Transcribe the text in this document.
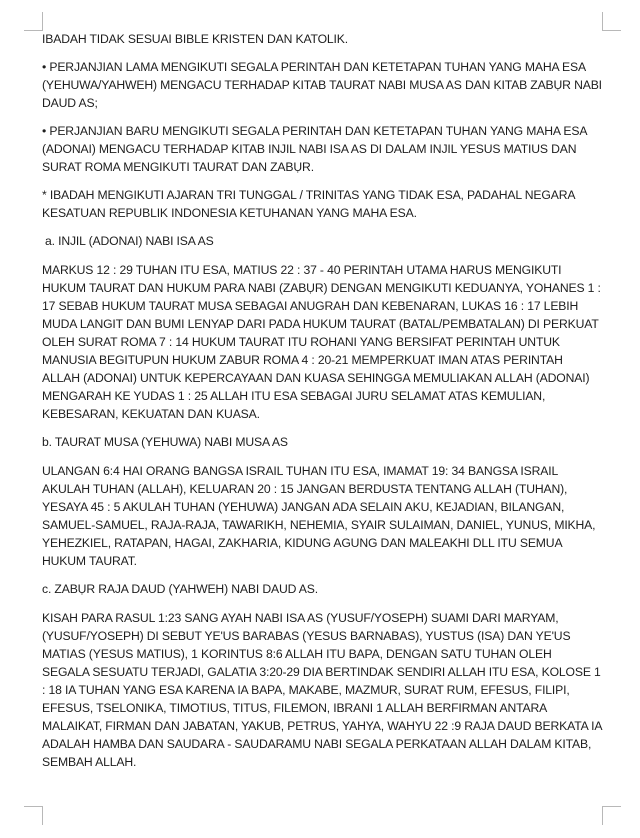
IBADAH TIDAK SESUAI BIBLE KRISTEN DAN KATOLIK.

• PERJANJIAN LAMA MENGIKUTI SEGALA PERINTAH DAN KETETAPAN TUHAN YANG MAHA ESA (YEHUWA/YAHWEH) MENGACU TERHADAP KITAB TAURAT NABI MUSA AS DAN KITAB ZABỤR NABI DAUD AS;

• PERJANJIAN BARU MENGIKUTI SEGALA PERINTAH DAN KETETAPAN TUHAN YANG MAHA ESA (ADONAI) MENGACU TERHADAP KITAB INJIL NABI ISA AS DI DALAM INJIL YESUS MATIUS DAN SURAT ROMA MENGIKUTI TAURAT DAN ZABỤR.

* IBADAH MENGIKUTI AJARAN TRI TUNGGAL / TRINITAS YANG TIDAK ESA, PADAHAL NEGARA KESATUAN REPUBLIK INDONESIA KETUHANAN YANG MAHA ESA.

a. INJIL (ADONAI) NABI ISA AS

MARKUS 12 : 29 TUHAN ITU ESA, MATIUS 22 : 37 - 40 PERINTAH UTAMA HARUS MENGIKUTI HUKUM TAURAT DAN HUKUM PARA NABI (ZABỤR) DENGAN MENGIKUTI KEDUANYA, YOHANES 1 : 17 SEBAB HUKUM TAURAT MUSA SEBAGAI ANUGRAH DAN KEBENARAN, LUKAS 16 : 17 LEBIH MUDA LANGIT DAN BUMI LENYAP DARI PADA HUKUM TAURAT (BATAL/PEMBATALAN) DI PERKUAT OLEH SURAT ROMA 7 : 14 HUKUM TAURAT ITU ROHANI YANG BERSIFAT PERINTAH UNTUK MANUSIA BEGITUPUN HUKUM ZABUR ROMA 4 : 20-21 MEMPERKUAT IMAN ATAS PERINTAH ALLAH (ADONAI) UNTUK KEPERCAYAAN DAN KUASA SEHINGGA MEMULIAKAN ALLAH (ADONAI) MENGARAH KE YUDAS 1 : 25 ALLAH ITU ESA SEBAGAI JURU SELAMAT ATAS KEMULIAN, KEBESARAN, KEKUATAN DAN KUASA.

b. TAURAT MUSA (YEHUWA) NABI MUSA AS

ULANGAN 6:4 HAI ORANG BANGSA ISRAIL TUHAN ITU ESA, IMAMAT 19: 34 BANGSA ISRAIL AKULAH TUHAN (ALLAH), KELUARAN 20 : 15 JANGAN BERDUSTA TENTANG ALLAH (TUHAN), YESAYA 45 : 5 AKULAH TUHAN (YEHUWA) JANGAN ADA SELAIN AKU, KEJADIAN, BILANGAN, SAMUEL-SAMUEL, RAJA-RAJA, TAWARIKH, NEHEMIA, SYAIR SULAIMAN, DANIEL, YUNUS, MIKHA, YEHEZKIEL, RATAPAN, HAGAI, ZAKHARIA, KIDUNG AGUNG DAN MALEAKHI DLL ITU SEMUA HUKUM TAURAT.

c. ZABỤR RAJA DAUD (YAHWEH) NABI DAUD AS.

KISAH PARA RASUL 1:23 SANG AYAH NABI ISA AS (YUSUF/YOSEPH) SUAMI DARI MARYAM, (YUSUF/YOSEPH) DI SEBUT YE'US BARABAS (YESUS BARNABAS), YUSTUS (ISA) DAN YE'US MATIAS (YESUS MATIUS), 1 KORINTUS 8:6 ALLAH ITU BAPA, DENGAN SATU TUHAN OLEH SEGALA SESUATU TERJADI, GALATIA 3:20-29 DIA BERTINDAK SENDIRI ALLAH ITU ESA, KOLOSE 1 : 18 IA TUHAN YANG ESA KARENA IA BAPA, MAKABE, MAZMUR, SURAT RUM, EFESUS, FILIPI, EFESUS, TSELONIKA, TIMOTIUS, TITUS, FILEMON, IBRANI 1 ALLAH BERFIRMAN ANTARA MALAIKAT, FIRMAN DAN JABATAN, YAKUB, PETRUS, YAHYA, WAHYU 22 :9 RAJA DAUD BERKATA IA ADALAH HAMBA DAN SAUDARA - SAUDARAMU NABI SEGALA PERKATAAN ALLAH DALAM KITAB, SEMBAH ALLAH.
